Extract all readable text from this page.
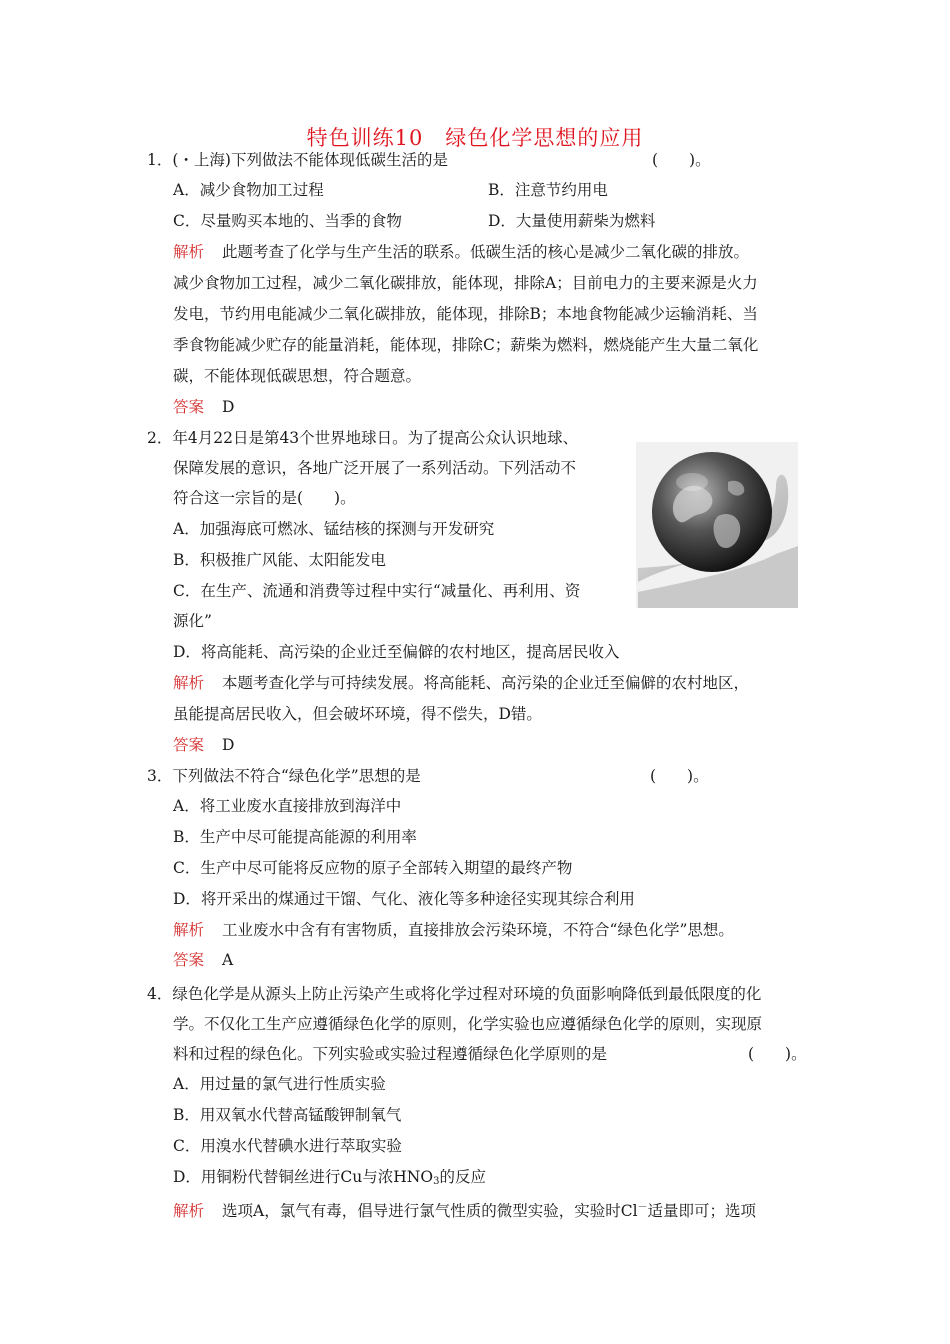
特色训练10　绿色化学思想的应用
1．(・上海)下列做法不能体现低碳生活的是	(　　)。
A．减少食物加工过程	B．注意节约用电
C．尽量购买本地的、当季的食物	D．大量使用薪柴为燃料
解析 此题考查了化学与生产生活的联系。低碳生活的核心是减少二氧化碳的排放。
减少食物加工过程，减少二氧化碳排放，能体现，排除A；目前电力的主要来源是火力
发电，节约用电能减少二氧化碳排放，能体现，排除B；本地食物能减少运输消耗、当
季食物能减少贮存的能量消耗，能体现，排除C；薪柴为燃料，燃烧能产生大量二氧化
碳，不能体现低碳思想，符合题意。
答案 D
2．年4月22日是第43个世界地球日。为了提高公众认识地球、
保障发展的意识，各地广泛开展了一系列活动。下列活动不
符合这一宗旨的是(　　)。
A．加强海底可燃冰、锰结核的探测与开发研究
B．积极推广风能、太阳能发电
C．在生产、流通和消费等过程中实行“减量化、再利用、资
源化”
D．将高能耗、高污染的企业迁至偏僻的农村地区，提高居民收入
解析 本题考查化学与可持续发展。将高能耗、高污染的企业迁至偏僻的农村地区，
虽能提高居民收入，但会破坏环境，得不偿失，D错。
答案 D
3．下列做法不符合“绿色化学”思想的是	(　　)。
A．将工业废水直接排放到海洋中
B．生产中尽可能提高能源的利用率
C．生产中尽可能将反应物的原子全部转入期望的最终产物
D．将开采出的煤通过干馏、气化、液化等多种途径实现其综合利用
解析 工业废水中含有有害物质，直接排放会污染环境，不符合“绿色化学”思想。
答案 A
4．绿色化学是从源头上防止污染产生或将化学过程对环境的负面影响降低到最低限度的化
学。不仅化工生产应遵循绿色化学的原则，化学实验也应遵循绿色化学的原则，实现原
料和过程的绿色化。下列实验或实验过程遵循绿色化学原则的是	(　　)。
A．用过量的氯气进行性质实验
B．用双氧水代替高锰酸钾制氧气
C．用溴水代替碘水进行萃取实验
D．用铜粉代替铜丝进行Cu与浓$HNO_3$的反应
解析 选项A，氯气有毒，倡导进行氯气性质的微型实验，实验时Cl－适量即可；选项
